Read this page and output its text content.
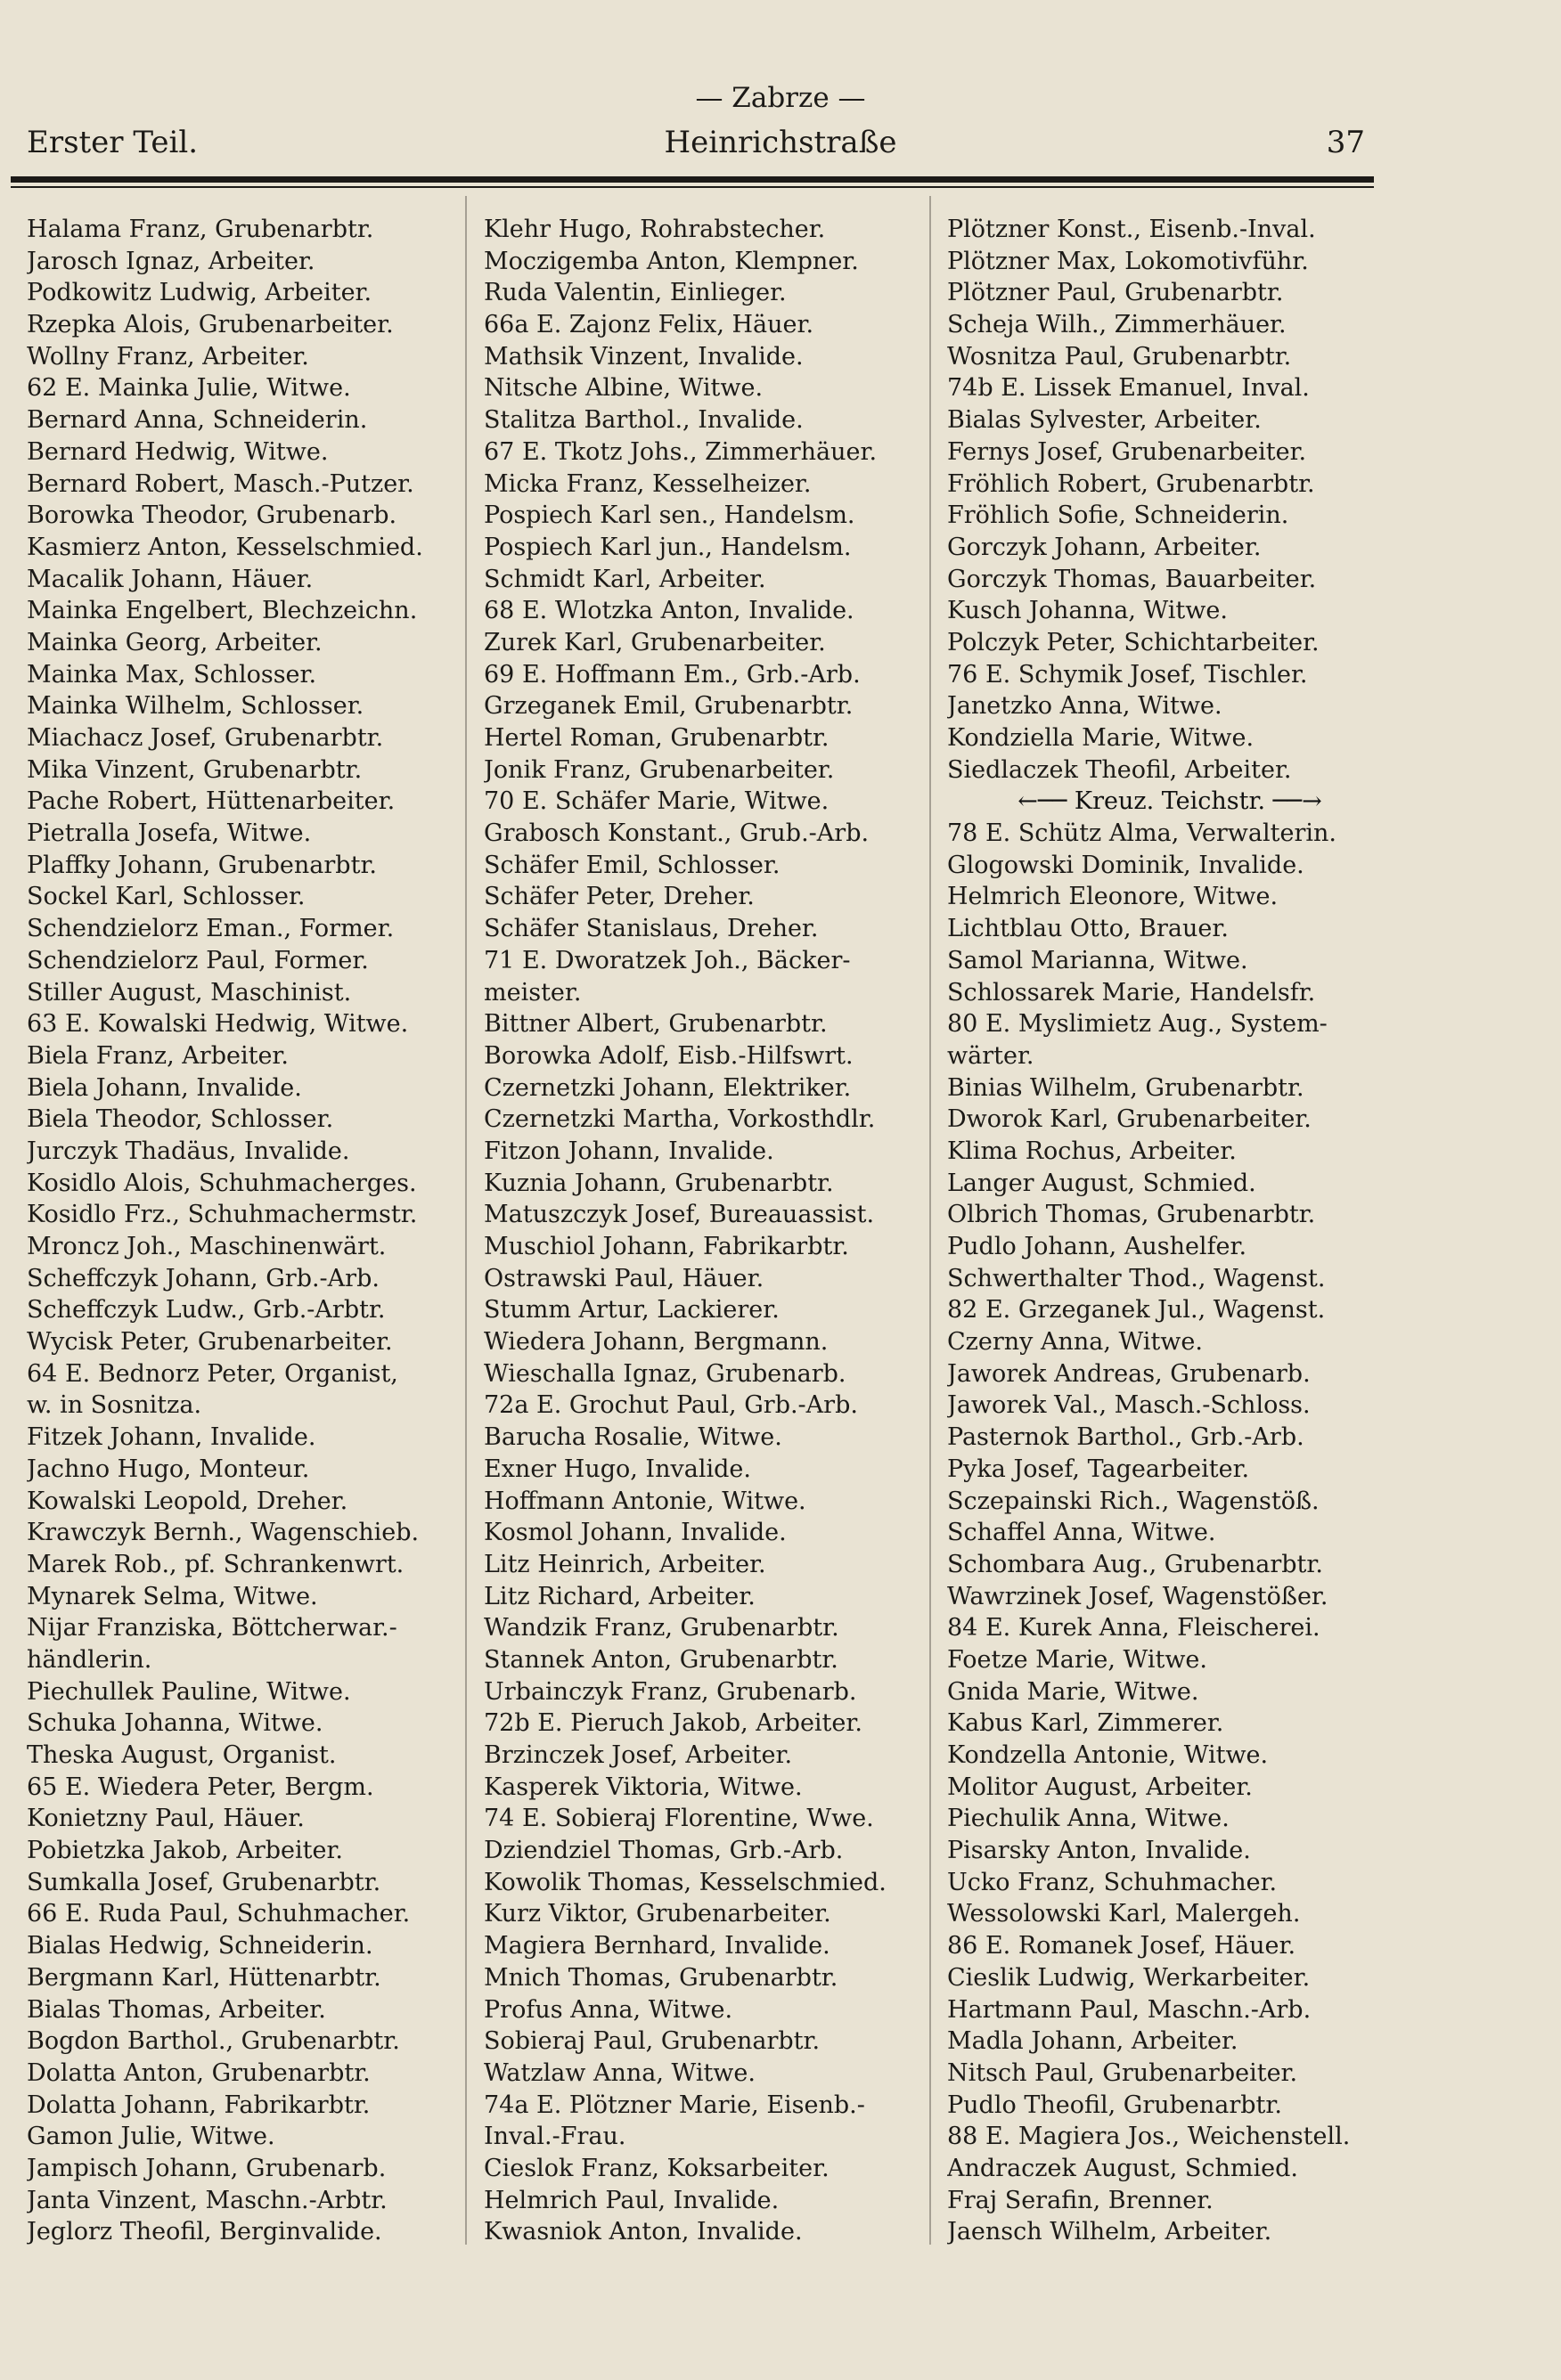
— Zabrze —
Erster Teil.	Heinrichstraße	37
Halama Franz, Grubenarbtr.
Jarosch Ignaz, Arbeiter.
Podkowitz Ludwig, Arbeiter.
Rzepka Alois, Grubenarbeiter.
Wollny Franz, Arbeiter.
62 E. Mainka Julie, Witwe.
Bernard Anna, Schneiderin.
Bernard Hedwig, Witwe.
Bernard Robert, Masch.-Putzer.
Borowka Theodor, Grubenarb.
Kasmierz Anton, Kesselschmied.
Macalik Johann, Häuer.
Mainka Engelbert, Blechzeichn.
Mainka Georg, Arbeiter.
Mainka Max, Schlosser.
Mainka Wilhelm, Schlosser.
Miachacz Josef, Grubenarbtr.
Mika Vinzent, Grubenarbtr.
Pache Robert, Hüttenarbeiter.
Pietralla Josefa, Witwe.
Plaffky Johann, Grubenarbtr.
Sockel Karl, Schlosser.
Schendzielorz Eman., Former.
Schendzielorz Paul, Former.
Stiller August, Maschinist.
63 E. Kowalski Hedwig, Witwe.
Biela Franz, Arbeiter.
Biela Johann, Invalide.
Biela Theodor, Schlosser.
Jurczyk Thadäus, Invalide.
Kosidlo Alois, Schuhmacherges.
Kosidlo Frz., Schuhmachermstr.
Mroncz Joh., Maschinenwärt.
Scheffczyk Johann, Grb.-Arb.
Scheffczyk Ludw., Grb.-Arbtr.
Wycisk Peter, Grubenarbeiter.
64 E. Bednorz Peter, Organist,
w. in Sosnitza.
Fitzek Johann, Invalide.
Jachno Hugo, Monteur.
Kowalski Leopold, Dreher.
Krawczyk Bernh., Wagenschieb.
Marek Rob., pf. Schrankenwrt.
Mynarek Selma, Witwe.
Nijar Franziska, Böttcherwar.-
händlerin.
Piechullek Pauline, Witwe.
Schuka Johanna, Witwe.
Theska August, Organist.
65 E. Wiedera Peter, Bergm.
Konietzny Paul, Häuer.
Pobietzka Jakob, Arbeiter.
Sumkalla Josef, Grubenarbtr.
66 E. Ruda Paul, Schuhmacher.
Bialas Hedwig, Schneiderin.
Bergmann Karl, Hüttenarbtr.
Bialas Thomas, Arbeiter.
Bogdon Barthol., Grubenarbtr.
Dolatta Anton, Grubenarbtr.
Dolatta Johann, Fabrikarbtr.
Gamon Julie, Witwe.
Jampisch Johann, Grubenarb.
Janta Vinzent, Maschn.-Arbtr.
Jeglorz Theofil, Berginvalide.
Klehr Hugo, Rohrabstecher.
Moczigemba Anton, Klempner.
Ruda Valentin, Einlieger.
66a E. Zajonz Felix, Häuer.
Mathsik Vinzent, Invalide.
Nitsche Albine, Witwe.
Stalitza Barthol., Invalide.
67 E. Tkotz Johs., Zimmerhäuer.
Micka Franz, Kesselheizer.
Pospiech Karl sen., Handelsm.
Pospiech Karl jun., Handelsm.
Schmidt Karl, Arbeiter.
68 E. Wlotzka Anton, Invalide.
Zurek Karl, Grubenarbeiter.
69 E. Hoffmann Em., Grb.-Arb.
Grzeganek Emil, Grubenarbtr.
Hertel Roman, Grubenarbtr.
Jonik Franz, Grubenarbeiter.
70 E. Schäfer Marie, Witwe.
Grabosch Konstant., Grub.-Arb.
Schäfer Emil, Schlosser.
Schäfer Peter, Dreher.
Schäfer Stanislaus, Dreher.
71 E. Dworatzek Joh., Bäcker-
meister.
Bittner Albert, Grubenarbtr.
Borowka Adolf, Eisb.-Hilfswrt.
Czernetzki Johann, Elektriker.
Czernetzki Martha, Vorkosthdlr.
Fitzon Johann, Invalide.
Kuznia Johann, Grubenarbtr.
Matuszczyk Josef, Bureauassist.
Muschiol Johann, Fabrikarbtr.
Ostrawski Paul, Häuer.
Stumm Artur, Lackierer.
Wiedera Johann, Bergmann.
Wieschalla Ignaz, Grubenarb.
72a E. Grochut Paul, Grb.-Arb.
Barucha Rosalie, Witwe.
Exner Hugo, Invalide.
Hoffmann Antonie, Witwe.
Kosmol Johann, Invalide.
Litz Heinrich, Arbeiter.
Litz Richard, Arbeiter.
Wandzik Franz, Grubenarbtr.
Stannek Anton, Grubenarbtr.
Urbainczyk Franz, Grubenarb.
72b E. Pieruch Jakob, Arbeiter.
Brzinczek Josef, Arbeiter.
Kasperek Viktoria, Witwe.
74 E. Sobieraj Florentine, Wwe.
Dziendziel Thomas, Grb.-Arb.
Kowolik Thomas, Kesselschmied.
Kurz Viktor, Grubenarbeiter.
Magiera Bernhard, Invalide.
Mnich Thomas, Grubenarbtr.
Profus Anna, Witwe.
Sobieraj Paul, Grubenarbtr.
Watzlaw Anna, Witwe.
74a E. Plötzner Marie, Eisenb.-
Inval.-Frau.
Cieslok Franz, Koksarbeiter.
Helmrich Paul, Invalide.
Kwasniok Anton, Invalide.
Plötzner Konst., Eisenb.-Inval.
Plötzner Max, Lokomotivführ.
Plötzner Paul, Grubenarbtr.
Scheja Wilh., Zimmerhäuer.
Wosnitza Paul, Grubenarbtr.
74b E. Lissek Emanuel, Inval.
Bialas Sylvester, Arbeiter.
Fernys Josef, Grubenarbeiter.
Fröhlich Robert, Grubenarbtr.
Fröhlich Sofie, Schneiderin.
Gorczyk Johann, Arbeiter.
Gorczyk Thomas, Bauarbeiter.
Kusch Johanna, Witwe.
Polczyk Peter, Schichtarbeiter.
76 E. Schymik Josef, Tischler.
Janetzko Anna, Witwe.
Kondziella Marie, Witwe.
Siedlaczek Theofil, Arbeiter.
←── Kreuz. Teichstr. ──→
78 E. Schütz Alma, Verwalterin.
Glogowski Dominik, Invalide.
Helmrich Eleonore, Witwe.
Lichtblau Otto, Brauer.
Samol Marianna, Witwe.
Schlossarek Marie, Handelsfr.
80 E. Myslimietz Aug., System-
wärter.
Binias Wilhelm, Grubenarbtr.
Dworok Karl, Grubenarbeiter.
Klima Rochus, Arbeiter.
Langer August, Schmied.
Olbrich Thomas, Grubenarbtr.
Pudlo Johann, Aushelfer.
Schwerthalter Thod., Wagenst.
82 E. Grzeganek Jul., Wagenst.
Czerny Anna, Witwe.
Jaworek Andreas, Grubenarb.
Jaworek Val., Masch.-Schloss.
Pasternok Barthol., Grb.-Arb.
Pyka Josef, Tagearbeiter.
Sczepainski Rich., Wagenstöß.
Schaffel Anna, Witwe.
Schombara Aug., Grubenarbtr.
Wawrzinek Josef, Wagenstößer.
84 E. Kurek Anna, Fleischerei.
Foetze Marie, Witwe.
Gnida Marie, Witwe.
Kabus Karl, Zimmerer.
Kondzella Antonie, Witwe.
Molitor August, Arbeiter.
Piechulik Anna, Witwe.
Pisarsky Anton, Invalide.
Ucko Franz, Schuhmacher.
Wessolowski Karl, Malergeh.
86 E. Romanek Josef, Häuer.
Cieslik Ludwig, Werkarbeiter.
Hartmann Paul, Maschn.-Arb.
Madla Johann, Arbeiter.
Nitsch Paul, Grubenarbeiter.
Pudlo Theofil, Grubenarbtr.
88 E. Magiera Jos., Weichenstell.
Andraczek August, Schmied.
Fraj Serafin, Brenner.
Jaensch Wilhelm, Arbeiter.
